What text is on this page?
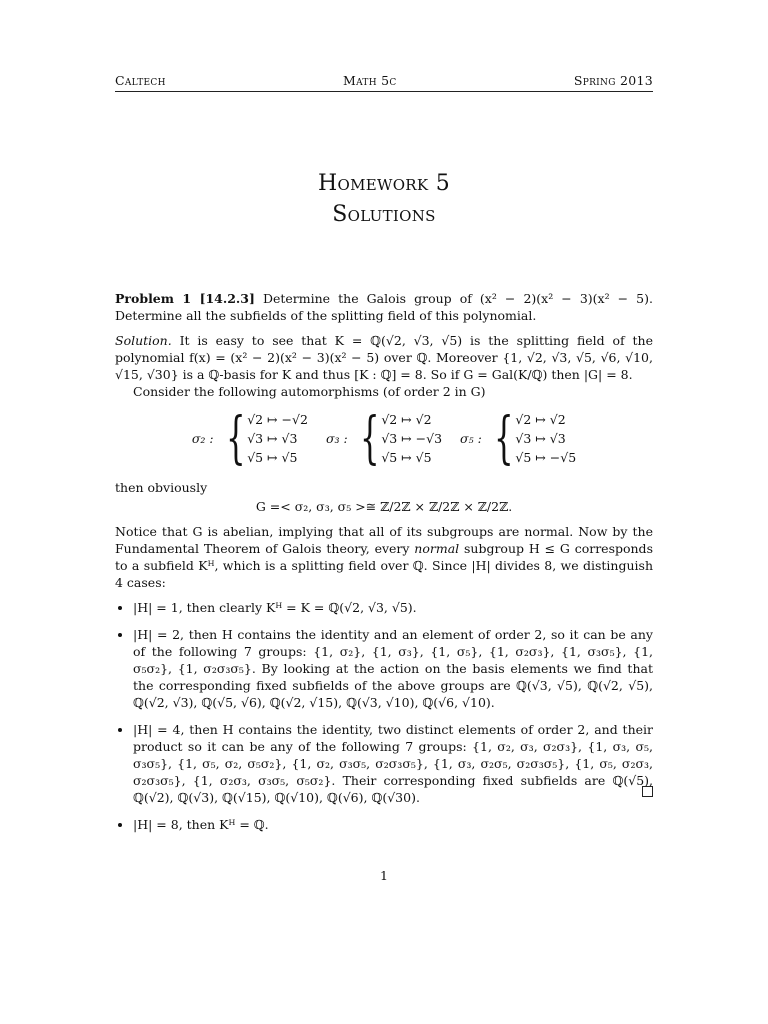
Caltech	Math 5c	Spring 2013
Homework 5
Solutions

Problem 1 [14.2.3] Determine the Galois group of (x² − 2)(x² − 3)(x² − 5). Determine all the subfields of the splitting field of this polynomial.

Solution. It is easy to see that K = ℚ(√2, √3, √5) is the splitting field of the polynomial f(x) = (x² − 2)(x² − 3)(x² − 5) over ℚ. Moreover {1, √2, √3, √5, √6, √10, √15, √30} is a ℚ-basis for K and thus [K : ℚ] = 8. So if G = Gal(K/ℚ) then |G| = 8.

Consider the following automorphisms (of order 2 in G)

σ₂ : { √2 ↦ −√2
√3 ↦ √3
√5 ↦ √5
σ₃ : { √2 ↦ √2
√3 ↦ −√3
√5 ↦ √5
σ₅ : { √2 ↦ √2
√3 ↦ √3
√5 ↦ −√5

then obviously

G =< σ₂, σ₃, σ₅ >≅ ℤ/2ℤ × ℤ/2ℤ × ℤ/2ℤ.

Notice that G is abelian, implying that all of its subgroups are normal. Now by the Fundamental Theorem of Galois theory, every normal subgroup H ≤ G corresponds to a subfield Kᴴ, which is a splitting field over ℚ. Since |H| divides 8, we distinguish 4 cases:

• |H| = 1, then clearly Kᴴ = K = ℚ(√2, √3, √5).
• |H| = 2, then H contains the identity and an element of order 2, so it can be any of the following 7 groups: {1, σ₂}, {1, σ₃}, {1, σ₅}, {1, σ₂σ₃}, {1, σ₃σ₅}, {1, σ₅σ₂}, {1, σ₂σ₃σ₅}. By looking at the action on the basis elements we find that the corresponding fixed subfields of the above groups are ℚ(√3, √5), ℚ(√2, √5), ℚ(√2, √3), ℚ(√5, √6), ℚ(√2, √15), ℚ(√3, √10), ℚ(√6, √10).
• |H| = 4, then H contains the identity, two distinct elements of order 2, and their product so it can be any of the following 7 groups: {1, σ₂, σ₃, σ₂σ₃}, {1, σ₃, σ₅, σ₃σ₅}, {1, σ₅, σ₂, σ₅σ₂}, {1, σ₂, σ₃σ₅, σ₂σ₃σ₅}, {1, σ₃, σ₂σ₅, σ₂σ₃σ₅}, {1, σ₅, σ₂σ₃, σ₂σ₃σ₅}, {1, σ₂σ₃, σ₃σ₅, σ₅σ₂}. Their corresponding fixed subfields are ℚ(√5), ℚ(√2), ℚ(√3), ℚ(√15), ℚ(√10), ℚ(√6), ℚ(√30).
• |H| = 8, then Kᴴ = ℚ.
1
